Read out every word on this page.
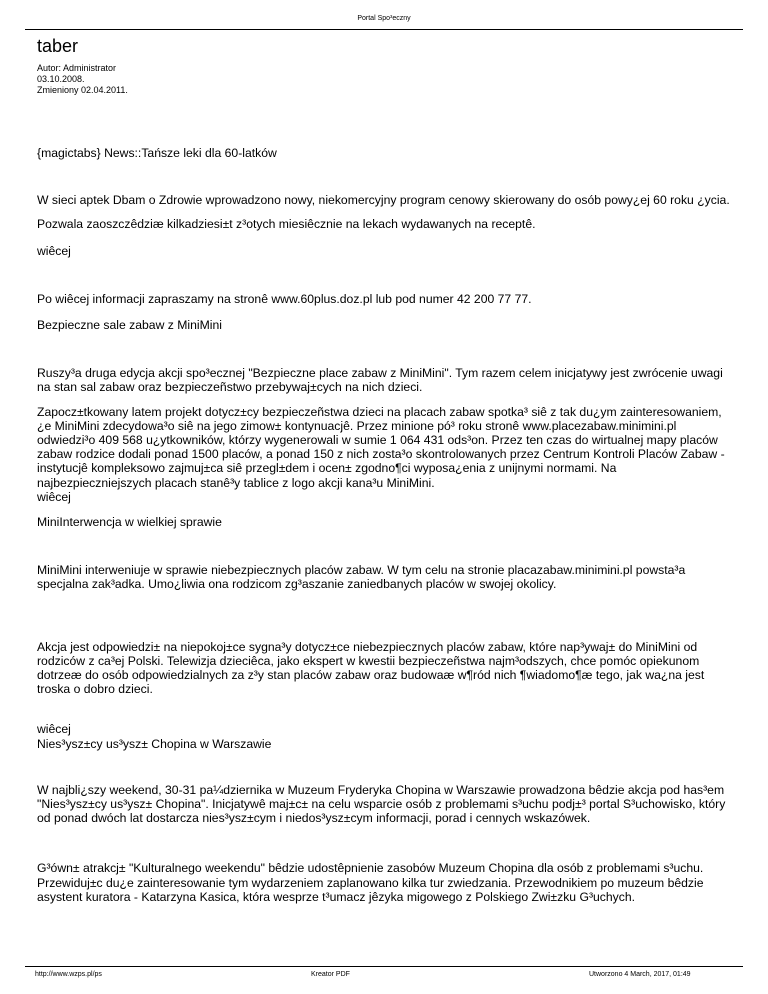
Portal Spo³eczny
taber
Autor: Administrator
03.10.2008.
Zmieniony 02.04.2011.

{magictabs} News::Tańsze leki dla 60-latków

W sieci aptek Dbam o Zdrowie wprowadzono nowy, niekomercyjny program cenowy skierowany do osób powy¿ej 60 roku ¿ycia.

Pozwala zaoszczêdziæ kilkadziesi±t z³otych miesiêcznie na lekach wydawanych na receptê.

wiêcej

Po wiêcej informacji zapraszamy na stronê www.60plus.doz.pl lub pod numer 42 200 77 77.

Bezpieczne sale zabaw z MiniMini

Ruszy³a druga edycja akcji spo³ecznej "Bezpieczne place zabaw z MiniMini". Tym razem celem inicjatywy jest zwrócenie uwagi na stan sal zabaw oraz bezpieczeñstwo przebywaj±cych na nich dzieci.

Zapocz±tkowany latem projekt dotycz±cy bezpieczeñstwa dzieci na placach zabaw spotka³ siê z tak du¿ym zainteresowaniem, ¿e MiniMini zdecydowa³o siê na jego zimow± kontynuacjê. Przez minione pó³ roku stronê www.placezabaw.minimini.pl odwiedzi³o 409 568 u¿ytkowników, którzy wygenerowali w sumie 1 064 431 ods³on. Przez ten czas do wirtualnej mapy placów zabaw rodzice dodali ponad 1500 placów, a ponad 150 z nich zosta³o skontrolowanych przez Centrum Kontroli Placów Zabaw - instytucjê kompleksowo zajmuj±ca siê przegl±dem i ocen± zgodno¶ci wyposa¿enia z unijnymi normami. Na najbezpieczniejszych placach stanê³y tablice z logo akcji kana³u MiniMini.

wiêcej

MiniInterwencja w wielkiej sprawie

MiniMini interweniuje w sprawie niebezpiecznych placów zabaw. W tym celu na stronie placazabaw.minimini.pl powsta³a specjalna zak³adka. Umo¿liwia ona rodzicom zg³aszanie zaniedbanych placów w swojej okolicy.

Akcja jest odpowiedzi± na niepokoj±ce sygna³y dotycz±ce niebezpiecznych placów zabaw, które nap³ywaj± do MiniMini od rodziców z ca³ej Polski. Telewizja dzieciêca, jako ekspert w kwestii bezpieczeñstwa najm³odszych, chce pomóc opiekunom dotrzeæ do osób odpowiedzialnych za z³y stan placów zabaw oraz budowaæ w¶ród nich ¶wiadomo¶æ tego, jak wa¿na jest troska o dobro dzieci.

wiêcej

Nies³ysz±cy us³ysz± Chopina w Warszawie

W najbli¿szy weekend, 30-31 pa¼dziernika w Muzeum Fryderyka Chopina w Warszawie prowadzona bêdzie akcja pod has³em "Nies³ysz±cy us³ysz± Chopina". Inicjatywê maj±c± na celu wsparcie osób z problemami s³uchu podj±³ portal S³uchowisko, który od ponad dwóch lat dostarcza nies³ysz±cym i niedos³ysz±cym informacji, porad i cennych wskazówek.

G³ówn± atrakcj± "Kulturalnego weekendu" bêdzie udostêpnienie zasobów Muzeum Chopina dla osób z problemami s³uchu. Przewiduj±c du¿e zainteresowanie tym wydarzeniem zaplanowano kilka tur zwiedzania. Przewodnikiem po muzeum bêdzie asystent kuratora - Katarzyna Kasica, która wesprze t³umacz jêzyka migowego z Polskiego Zwi±zku G³uchych.

http://www.wzps.pl/ps	Kreator PDF	Utworzono 4 March, 2017, 01:49
